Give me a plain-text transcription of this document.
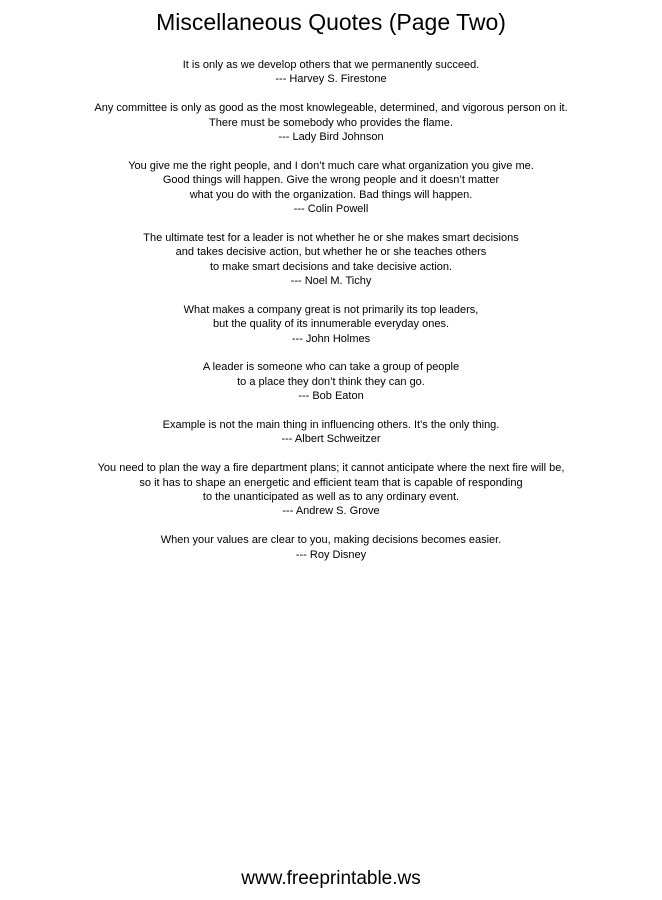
Miscellaneous Quotes (Page Two)
It is only as we develop others that we permanently succeed.
--- Harvey S. Firestone
Any committee is only as good as the most knowlegeable, determined, and vigorous person on it.
There must be somebody who provides the flame.
--- Lady Bird Johnson
You give me the right people, and I don’t much care what organization you give me.
Good things will happen. Give the wrong people and it doesn’t matter
what you do with the organization. Bad things will happen.
--- Colin Powell
The ultimate test for a leader is not whether he or she makes smart decisions
and takes decisive action, but whether he or she teaches others
to make smart decisions and take decisive action.
--- Noel M. Tichy
What makes a company great is not primarily its top leaders,
but the quality of its innumerable everyday ones.
--- John Holmes
A leader is someone who can take a group of people
to a place they don’t think they can go.
--- Bob Eaton
Example is not the main thing in influencing others. It’s the only thing.
--- Albert Schweitzer
You need to plan the way a fire department plans; it cannot anticipate where the next fire will be,
so it has to shape an energetic and efficient team that is capable of responding
to the unanticipated as well as to any ordinary event.
--- Andrew S. Grove
When your values are clear to you, making decisions becomes easier.
--- Roy Disney
www.freeprintable.ws
